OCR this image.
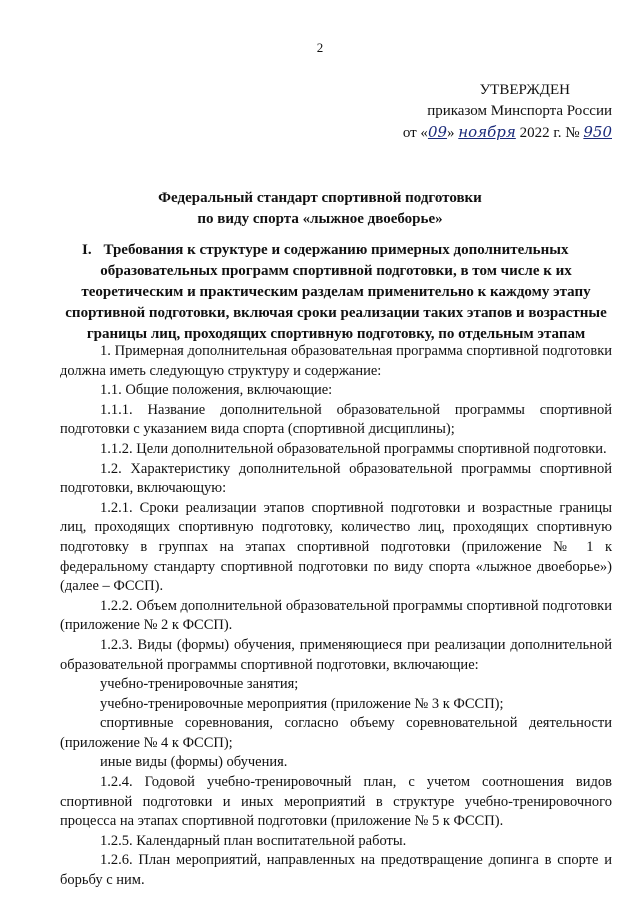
2
УТВЕРЖДЕН
приказом Минспорта России
от «09» ноября 2022 г. № 950
Федеральный стандарт спортивной подготовки
по виду спорта «лыжное двоеборье»
I. Требования к структуре и содержанию примерных дополнительных образовательных программ спортивной подготовки, в том числе к их теоретическим и практическим разделам применительно к каждому этапу спортивной подготовки, включая сроки реализации таких этапов и возрастные границы лиц, проходящих спортивную подготовку, по отдельным этапам

1. Примерная дополнительная образовательная программа спортивной подготовки должна иметь следующую структуру и содержание:

1.1. Общие положения, включающие:

1.1.1. Название дополнительной образовательной программы спортивной подготовки с указанием вида спорта (спортивной дисциплины);

1.1.2. Цели дополнительной образовательной программы спортивной подготовки.

1.2. Характеристику дополнительной образовательной программы спортивной подготовки, включающую:

1.2.1. Сроки реализации этапов спортивной подготовки и возрастные границы лиц, проходящих спортивную подготовку, количество лиц, проходящих спортивную подготовку в группах на этапах спортивной подготовки (приложение № 1 к федеральному стандарту спортивной подготовки по виду спорта «лыжное двоеборье») (далее – ФССП).

1.2.2. Объем дополнительной образовательной программы спортивной подготовки (приложение № 2 к ФССП).

1.2.3. Виды (формы) обучения, применяющиеся при реализации дополнительной образовательной программы спортивной подготовки, включающие:

учебно-тренировочные занятия;

учебно-тренировочные мероприятия (приложение № 3 к ФССП);

спортивные соревнования, согласно объему соревновательной деятельности (приложение № 4 к ФССП);

иные виды (формы) обучения.

1.2.4. Годовой учебно-тренировочный план, с учетом соотношения видов спортивной подготовки и иных мероприятий в структуре учебно-тренировочного процесса на этапах спортивной подготовки (приложение № 5 к ФССП).

1.2.5. Календарный план воспитательной работы.

1.2.6. План мероприятий, направленных на предотвращение допинга в спорте и борьбу с ним.
